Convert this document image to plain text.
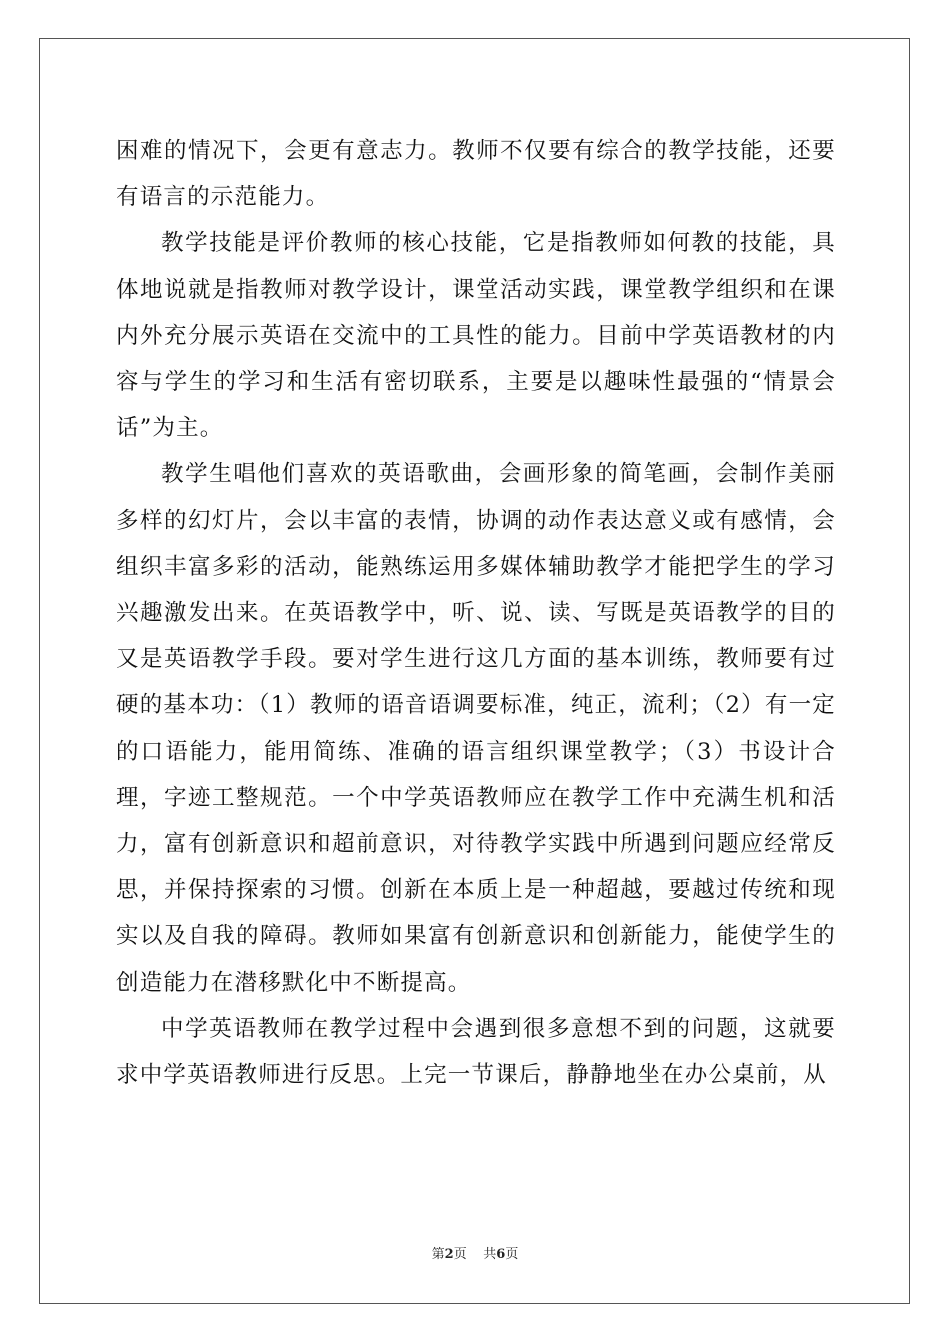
困难的情况下，会更有意志力。教师不仅要有综合的教学技能，还要有语言的示范能力。

教学技能是评价教师的核心技能，它是指教师如何教的技能，具体地说就是指教师对教学设计，课堂活动实践，课堂教学组织和在课内外充分展示英语在交流中的工具性的能力。目前中学英语教材的内容与学生的学习和生活有密切联系，主要是以趣味性最强的“情景会话”为主。

教学生唱他们喜欢的英语歌曲，会画形象的简笔画，会制作美丽多样的幻灯片，会以丰富的表情，协调的动作表达意义或有感情，会组织丰富多彩的活动，能熟练运用多媒体辅助教学才能把学生的学习兴趣激发出来。在英语教学中，听、说、读、写既是英语教学的目的又是英语教学手段。要对学生进行这几方面的基本训练，教师要有过硬的基本功：（1）教师的语音语调要标准，纯正，流利；（2）有一定的口语能力，能用简练、准确的语言组织课堂教学；（3）书设计合理，字迹工整规范。一个中学英语教师应在教学工作中充满生机和活力，富有创新意识和超前意识，对待教学实践中所遇到问题应经常反思，并保持探索的习惯。创新在本质上是一种超越，要越过传统和现实以及自我的障碍。教师如果富有创新意识和创新能力，能使学生的创造能力在潜移默化中不断提高。

中学英语教师在教学过程中会遇到很多意想不到的问题，这就要求中学英语教师进行反思。上完一节课后，静静地坐在办公桌前，从

第2页 共6页
